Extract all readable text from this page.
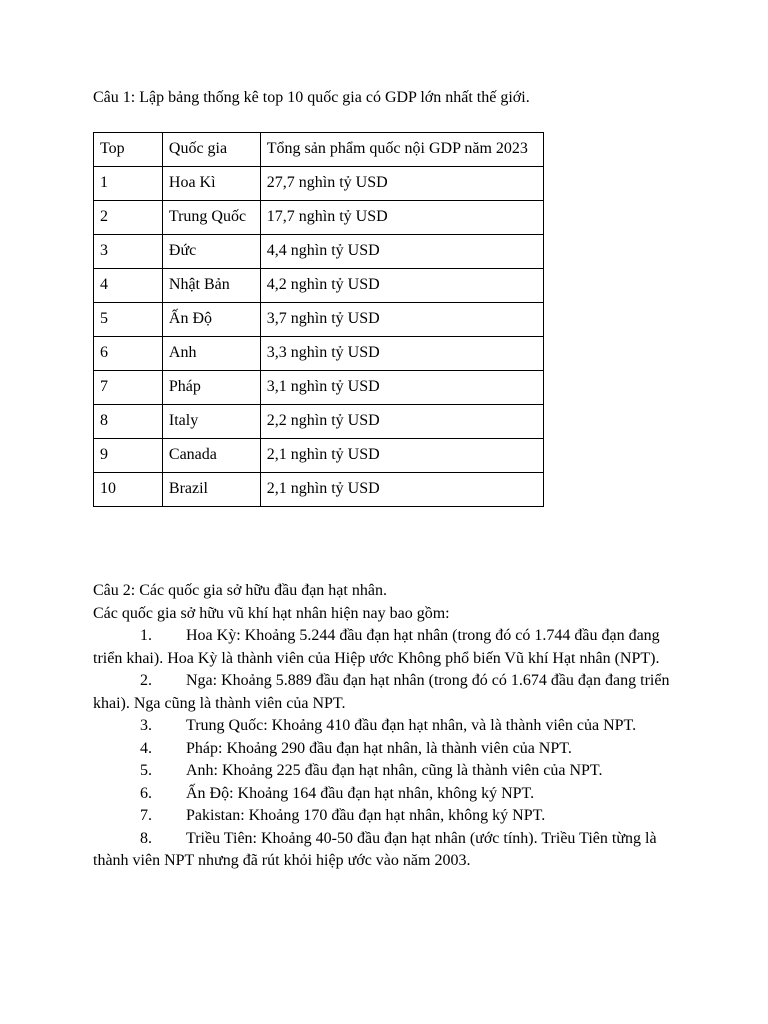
Câu 1: Lập bảng thống kê top 10 quốc gia có GDP lớn nhất thế giới.
Top	Quốc gia	Tổng sản phẩm quốc nội GDP năm 2023
1	Hoa Kì	27,7 nghìn tỷ USD
2	Trung Quốc	17,7 nghìn tỷ USD
3	Đức	4,4 nghìn tỷ USD
4	Nhật Bản	4,2 nghìn tỷ USD
5	Ấn Độ	3,7 nghìn tỷ USD
6	Anh	3,3 nghìn tỷ USD
7	Pháp	3,1 nghìn tỷ USD
8	Italy	2,2 nghìn tỷ USD
9	Canada	2,1 nghìn tỷ USD
10	Brazil	2,1 nghìn tỷ USD

Câu 2: Các quốc gia sở hữu đầu đạn hạt nhân.

Các quốc gia sở hữu vũ khí hạt nhân hiện nay bao gồm:

1. Hoa Kỳ: Khoảng 5.244 đầu đạn hạt nhân (trong đó có 1.744 đầu đạn đang triển khai). Hoa Kỳ là thành viên của Hiệp ước Không phổ biến Vũ khí Hạt nhân (NPT).

2. Nga: Khoảng 5.889 đầu đạn hạt nhân (trong đó có 1.674 đầu đạn đang triển khai). Nga cũng là thành viên của NPT.

3. Trung Quốc: Khoảng 410 đầu đạn hạt nhân, và là thành viên của NPT.

4. Pháp: Khoảng 290 đầu đạn hạt nhân, là thành viên của NPT.

5. Anh: Khoảng 225 đầu đạn hạt nhân, cũng là thành viên của NPT.

6. Ấn Độ: Khoảng 164 đầu đạn hạt nhân, không ký NPT.

7. Pakistan: Khoảng 170 đầu đạn hạt nhân, không ký NPT.

8. Triều Tiên: Khoảng 40-50 đầu đạn hạt nhân (ước tính). Triều Tiên từng là thành viên NPT nhưng đã rút khỏi hiệp ước vào năm 2003.
